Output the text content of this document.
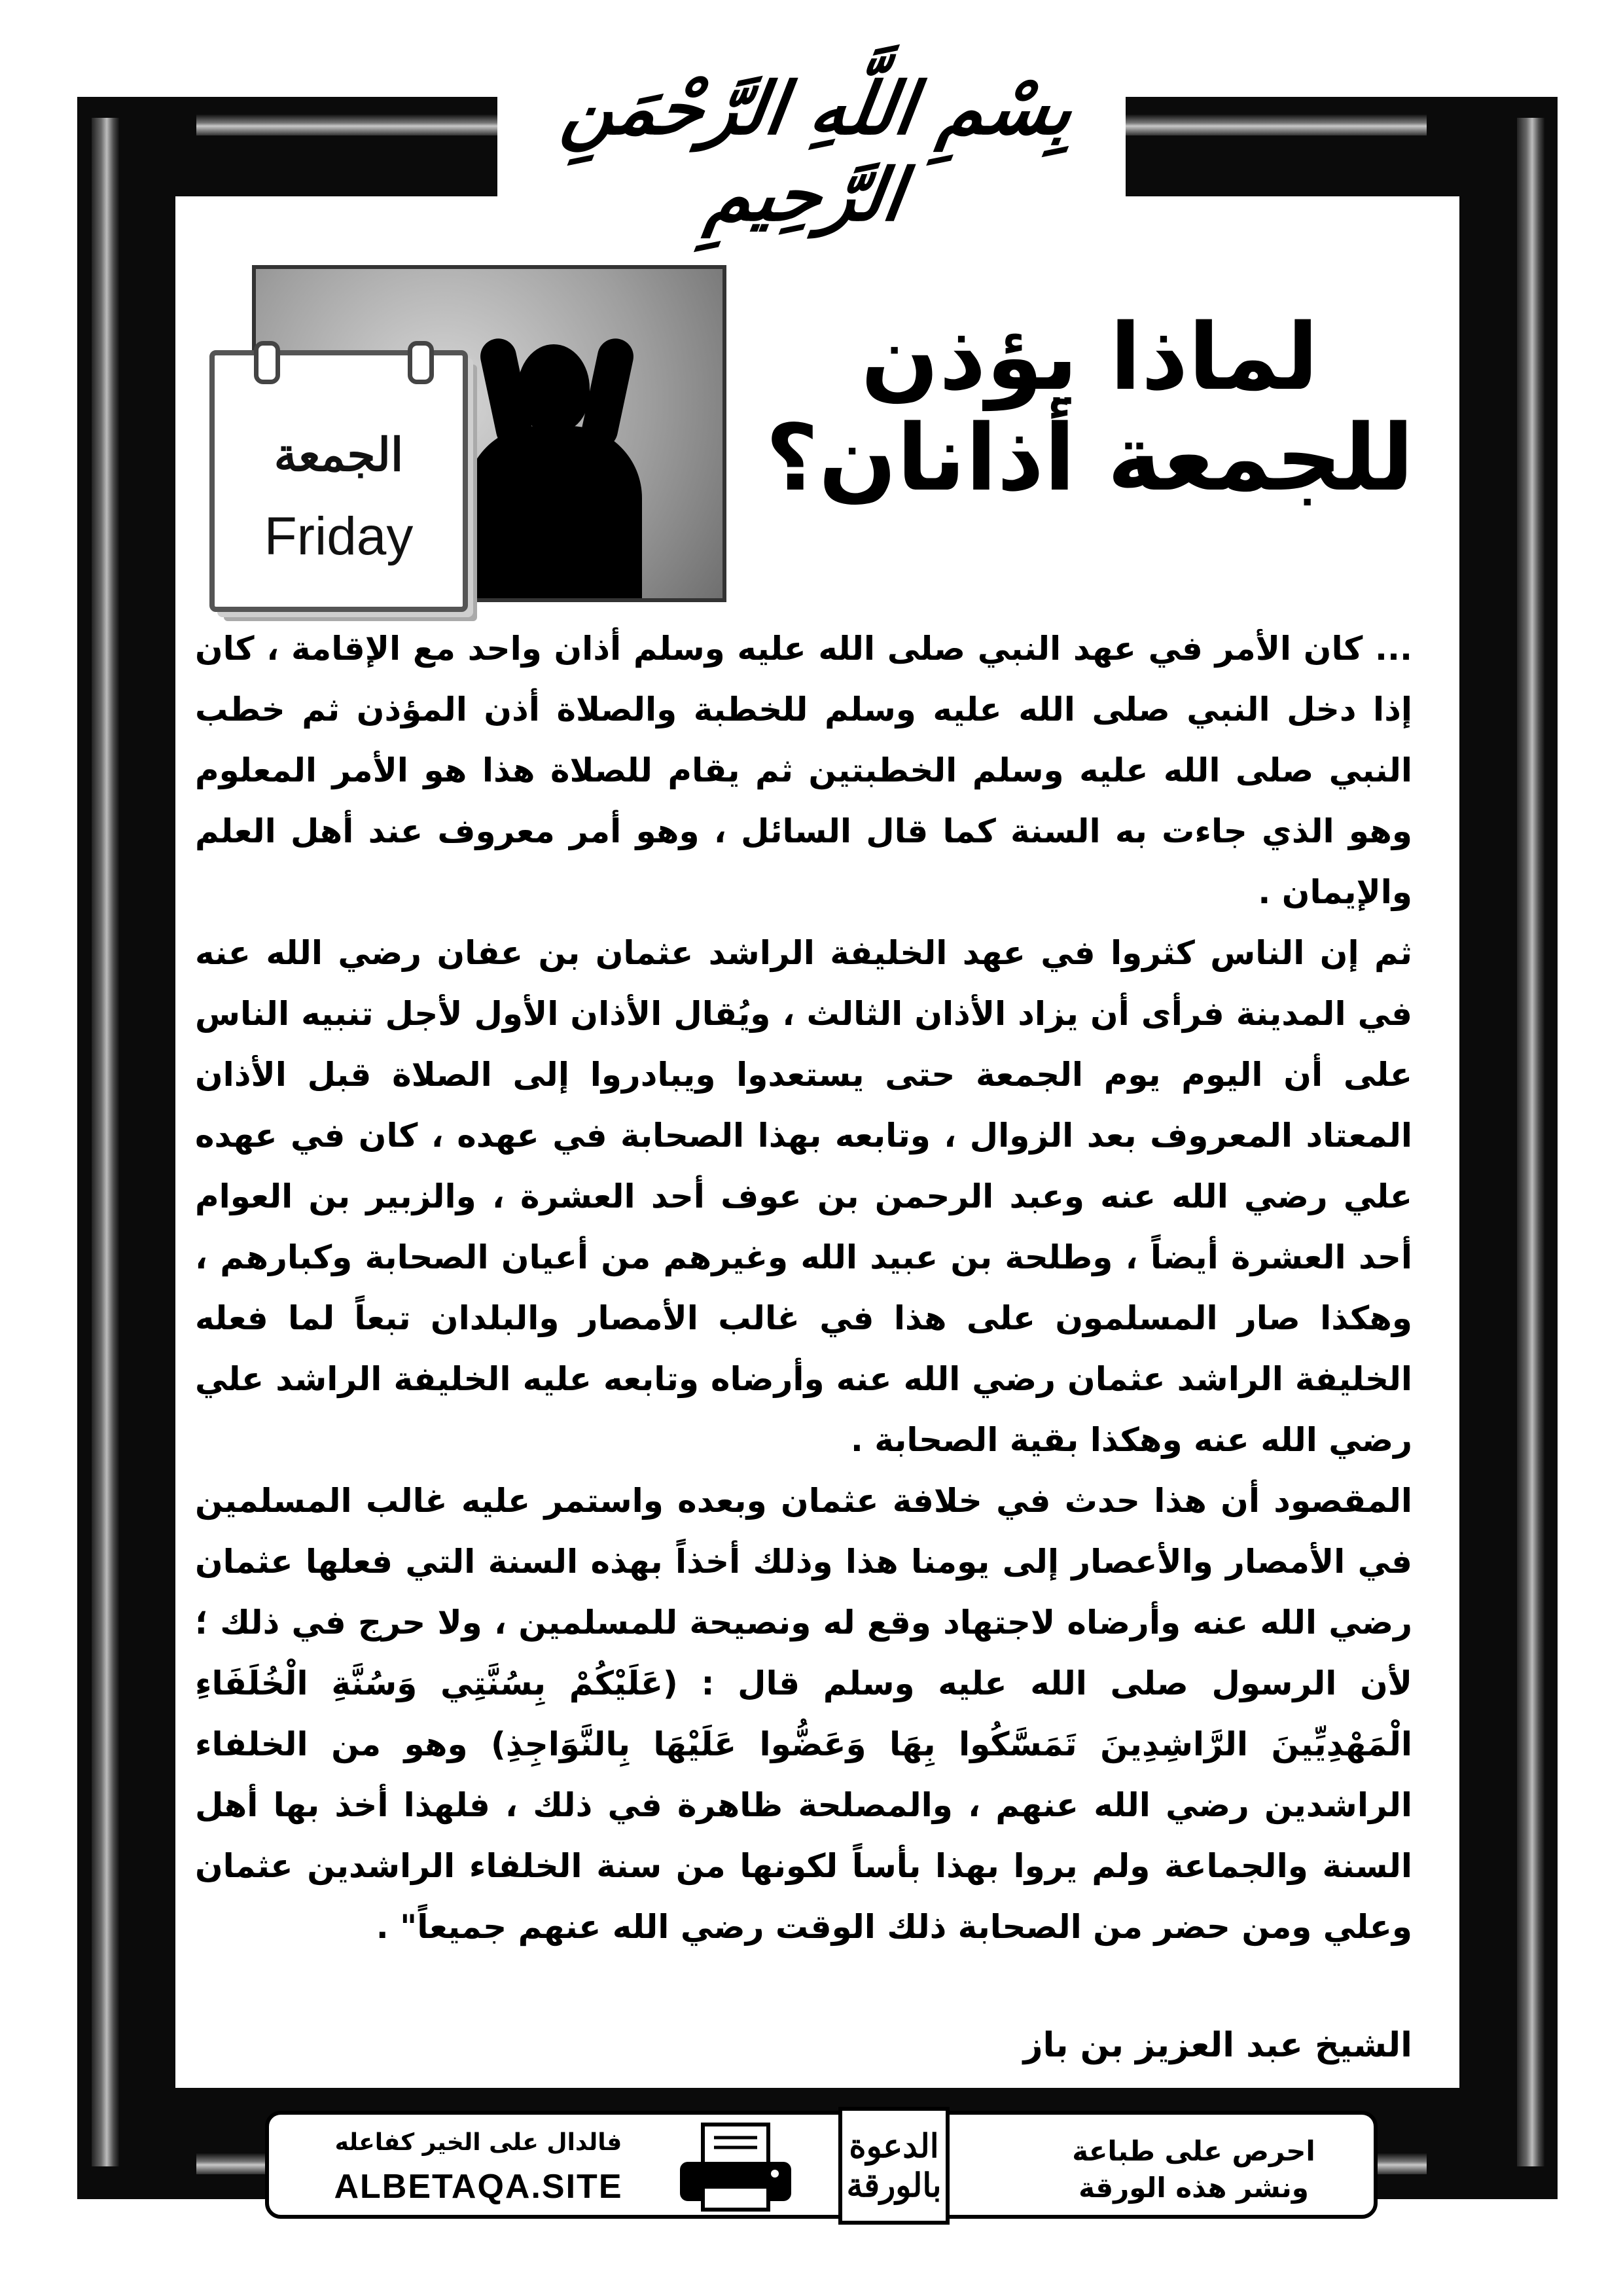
بِسْمِ اللَّهِ الرَّحْمَنِ الرَّحِيمِ
الجمعة
Friday
لماذا يؤذن
للجمعة أذانان؟

... كان الأمر في عهد النبي صلى الله عليه وسلم أذان واحد مع الإقامة ، كان إذا دخل النبي صلى الله عليه وسلم للخطبة والصلاة أذن المؤذن ثم خطب النبي صلى الله عليه وسلم الخطبتين ثم يقام للصلاة هذا هو الأمر المعلوم وهو الذي جاءت به السنة كما قال السائل ، وهو أمر معروف عند أهل العلم والإيمان .

ثم إن الناس كثروا في عهد الخليفة الراشد عثمان بن عفان رضي الله عنه في المدينة فرأى أن يزاد الأذان الثالث ، ويُقال الأذان الأول لأجل تنبيه الناس على أن اليوم يوم الجمعة حتى يستعدوا ويبادروا إلى الصلاة قبل الأذان المعتاد المعروف بعد الزوال ، وتابعه بهذا الصحابة في عهده ، كان في عهده علي رضي الله عنه وعبد الرحمن بن عوف أحد العشرة ، والزبير بن العوام أحد العشرة أيضاً ، وطلحة بن عبيد الله وغيرهم من أعيان الصحابة وكبارهم ، وهكذا صار المسلمون على هذا في غالب الأمصار والبلدان تبعاً لما فعله الخليفة الراشد عثمان رضي الله عنه وأرضاه وتابعه عليه الخليفة الراشد علي رضي الله عنه وهكذا بقية الصحابة .

المقصود أن هذا حدث في خلافة عثمان وبعده واستمر عليه غالب المسلمين في الأمصار والأعصار إلى يومنا هذا وذلك أخذاً بهذه السنة التي فعلها عثمان رضي الله عنه وأرضاه لاجتهاد وقع له ونصيحة للمسلمين ، ولا حرج في ذلك ؛ لأن الرسول صلى الله عليه وسلم قال : (عَلَيْكُمْ بِسُنَّتِي وَسُنَّةِ الْخُلَفَاءِ الْمَهْدِيِّينَ الرَّاشِدِينَ تَمَسَّكُوا بِهَا وَعَضُّوا عَلَيْهَا بِالنَّوَاجِذِ) وهو من الخلفاء الراشدين رضي الله عنهم ، والمصلحة ظاهرة في ذلك ، فلهذا أخذ بها أهل السنة والجماعة ولم يروا بهذا بأساً لكونها من سنة الخلفاء الراشدين عثمان وعلي ومن حضر من الصحابة ذلك الوقت رضي الله عنهم جميعاً" .

الشيخ عبد العزيز بن باز
احرص على طباعة
ونشر هذه الورقة
الدعوة
بالورقة
فالدال على الخير كفاعله
ALBETAQA.SITE
